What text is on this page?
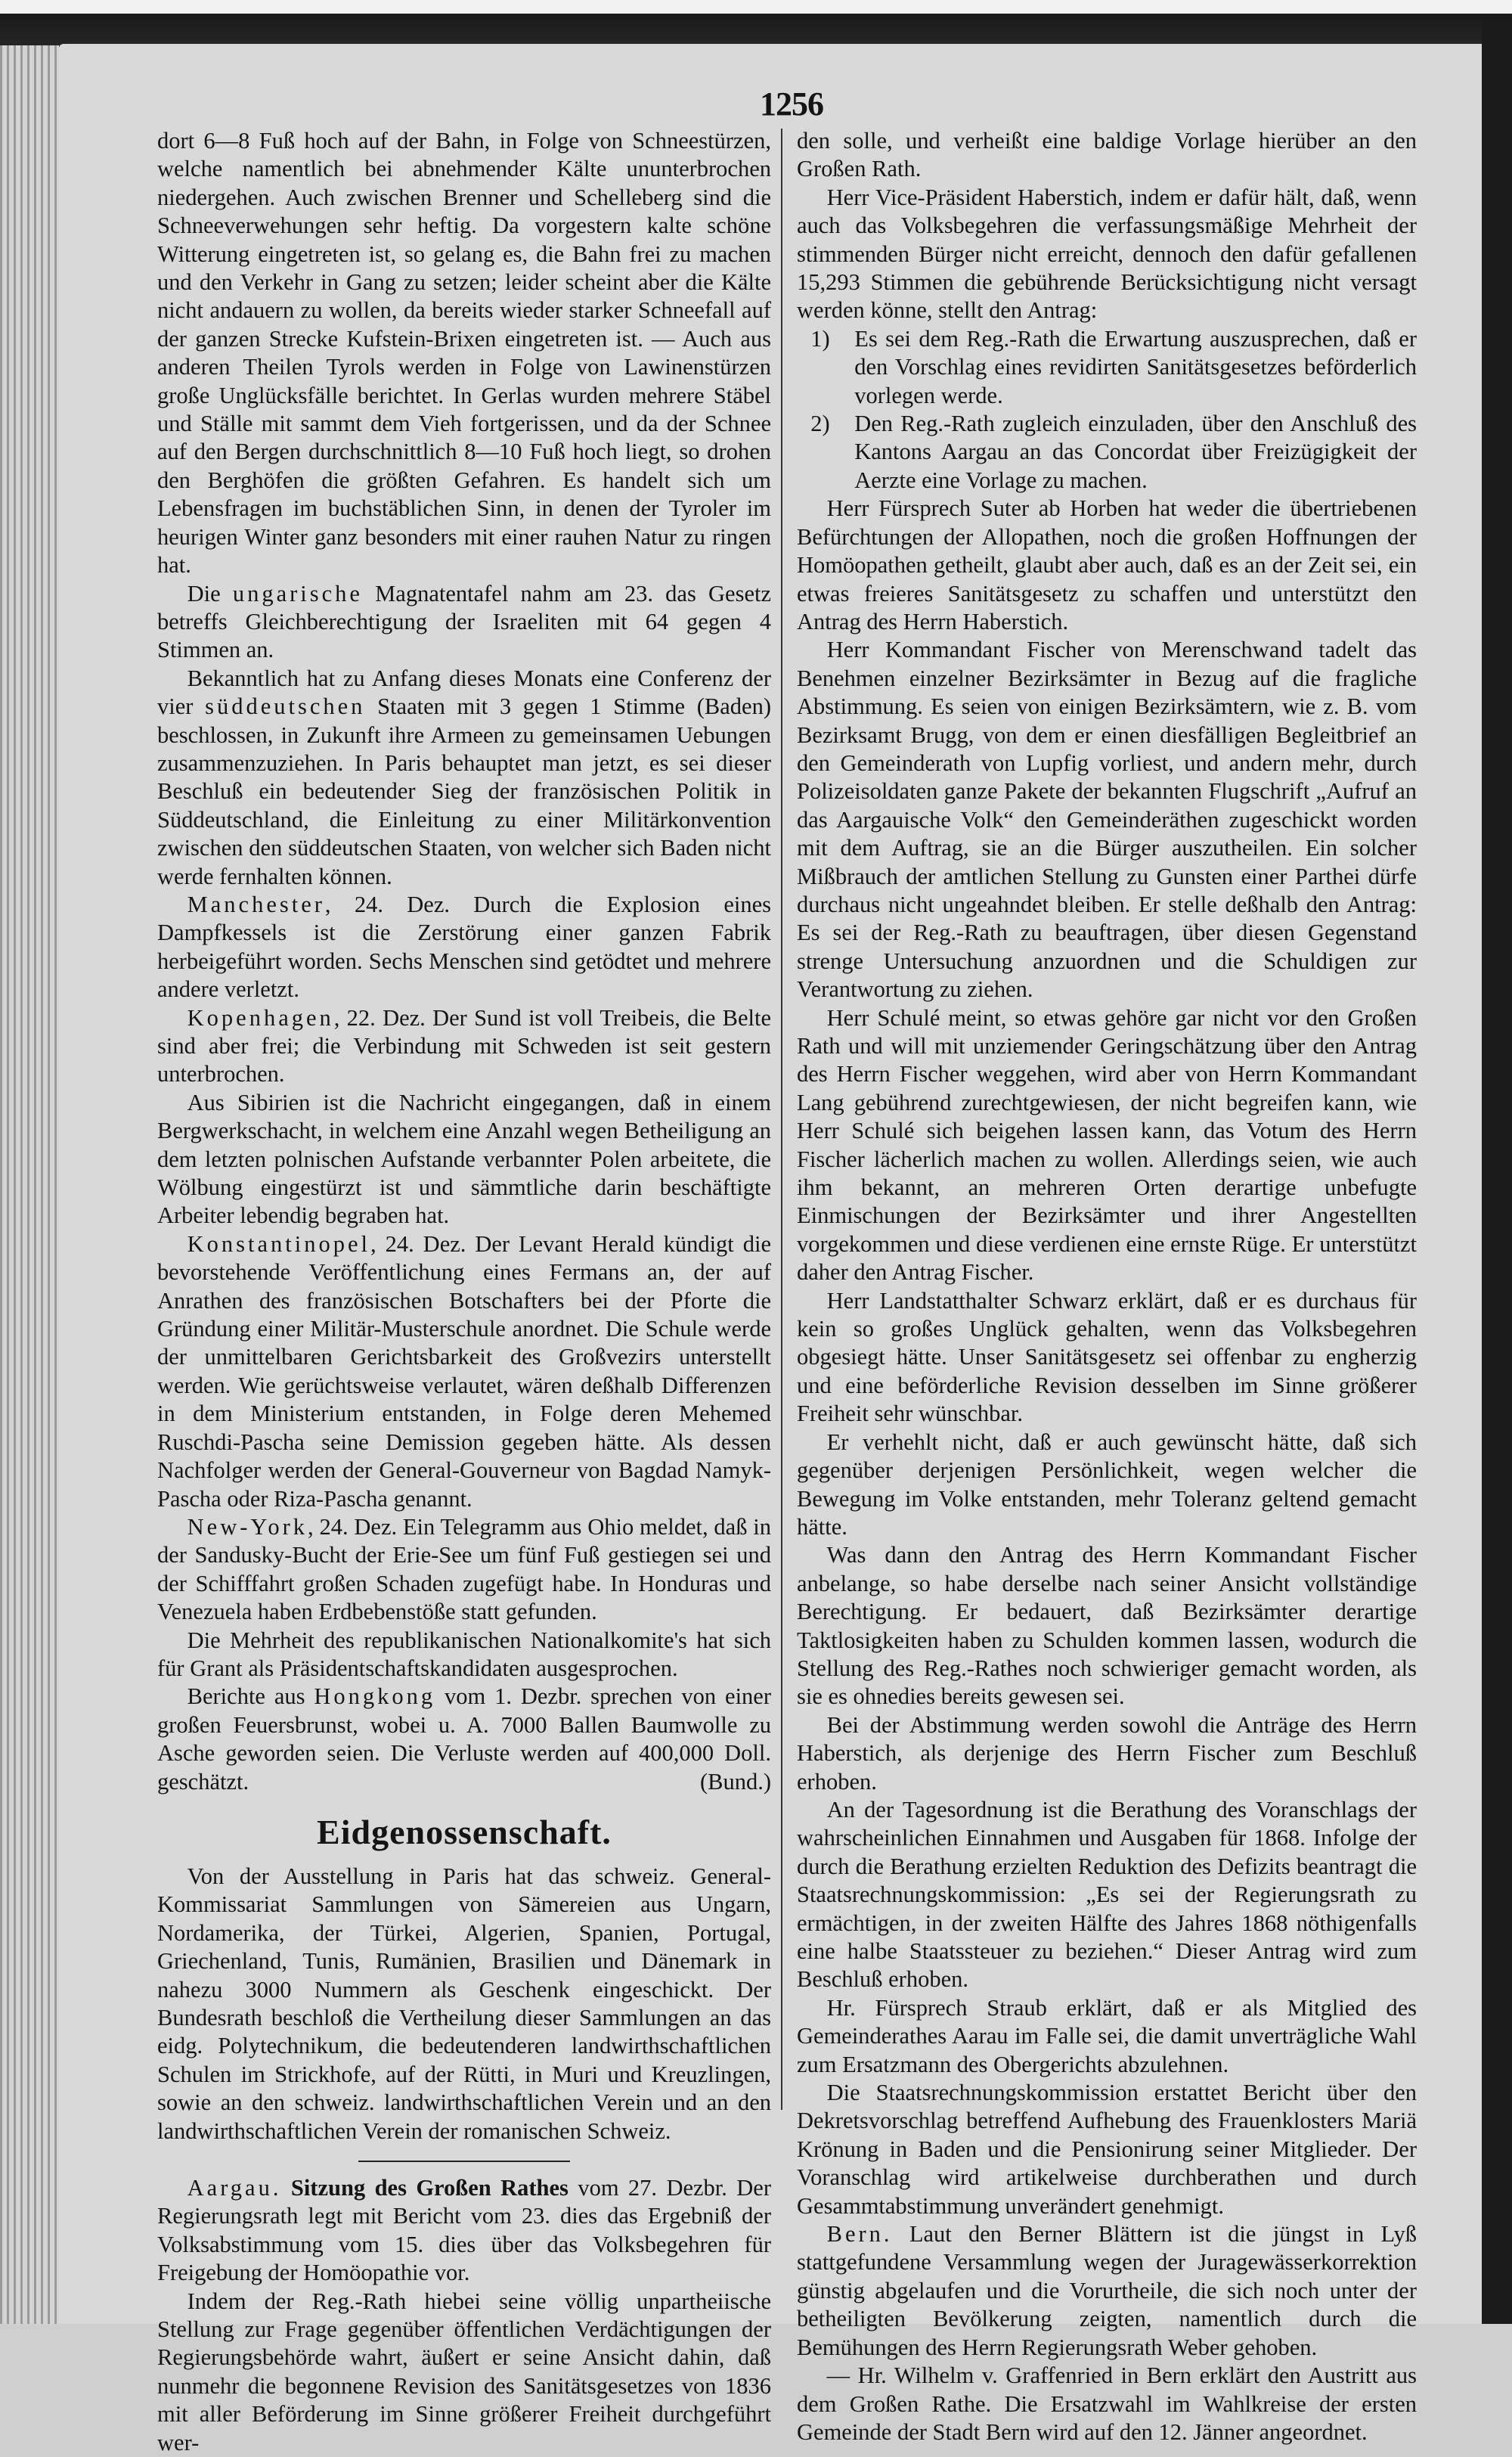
1256

dort 6—8 Fuß hoch auf der Bahn, in Folge von Schneestürzen, welche namentlich bei abnehmender Kälte ununterbrochen niedergehen. Auch zwischen Brenner und Schelleberg sind die Schneeverwehungen sehr heftig. Da vorgestern kalte schöne Witterung eingetreten ist, so gelang es, die Bahn frei zu machen und den Verkehr in Gang zu setzen; leider scheint aber die Kälte nicht andauern zu wollen, da bereits wieder starker Schneefall auf der ganzen Strecke Kufstein-Brixen eingetreten ist. — Auch aus anderen Theilen Tyrols werden in Folge von Lawinenstürzen große Unglücksfälle berichtet. In Gerlas wurden mehrere Stäbel und Ställe mit sammt dem Vieh fortgerissen, und da der Schnee auf den Bergen durchschnittlich 8—10 Fuß hoch liegt, so drohen den Berghöfen die größten Gefahren. Es handelt sich um Lebensfragen im buchstäblichen Sinn, in denen der Tyroler im heurigen Winter ganz besonders mit einer rauhen Natur zu ringen hat.

Die ungarische Magnatentafel nahm am 23. das Gesetz betreffs Gleichberechtigung der Israeliten mit 64 gegen 4 Stimmen an.

Bekanntlich hat zu Anfang dieses Monats eine Conferenz der vier süddeutschen Staaten mit 3 gegen 1 Stimme (Baden) beschlossen, in Zukunft ihre Armeen zu gemeinsamen Uebungen zusammenzuziehen. In Paris behauptet man jetzt, es sei dieser Beschluß ein bedeutender Sieg der französischen Politik in Süddeutschland, die Einleitung zu einer Militärkonvention zwischen den süddeutschen Staaten, von welcher sich Baden nicht werde fernhalten können.

Manchester, 24. Dez. Durch die Explosion eines Dampfkessels ist die Zerstörung einer ganzen Fabrik herbeigeführt worden. Sechs Menschen sind getödtet und mehrere andere verletzt.

Kopenhagen, 22. Dez. Der Sund ist voll Treibeis, die Belte sind aber frei; die Verbindung mit Schweden ist seit gestern unterbrochen.

Aus Sibirien ist die Nachricht eingegangen, daß in einem Bergwerkschacht, in welchem eine Anzahl wegen Betheiligung an dem letzten polnischen Aufstande verbannter Polen arbeitete, die Wölbung eingestürzt ist und sämmtliche darin beschäftigte Arbeiter lebendig begraben hat.

Konstantinopel, 24. Dez. Der Levant Herald kündigt die bevorstehende Veröffentlichung eines Fermans an, der auf Anrathen des französischen Botschafters bei der Pforte die Gründung einer Militär-Musterschule anordnet. Die Schule werde der unmittelbaren Gerichtsbarkeit des Großvezirs unterstellt werden. Wie gerüchtsweise verlautet, wären deßhalb Differenzen in dem Ministerium entstanden, in Folge deren Mehemed Ruschdi-Pascha seine Demission gegeben hätte. Als dessen Nachfolger werden der General-Gouverneur von Bagdad Namyk-Pascha oder Riza-Pascha genannt.

New-York, 24. Dez. Ein Telegramm aus Ohio meldet, daß in der Sandusky-Bucht der Erie-See um fünf Fuß gestiegen sei und der Schifffahrt großen Schaden zugefügt habe. In Honduras und Venezuela haben Erdbebenstöße statt gefunden.

Die Mehrheit des republikanischen Nationalkomite's hat sich für Grant als Präsidentschaftskandidaten ausgesprochen.

Berichte aus Hongkong vom 1. Dezbr. sprechen von einer großen Feuersbrunst, wobei u. A. 7000 Ballen Baumwolle zu Asche geworden seien. Die Verluste werden auf 400,000 Doll. geschätzt.	(Bund.)

Eidgenossenschaft.

Von der Ausstellung in Paris hat das schweiz. General-Kommissariat Sammlungen von Sämereien aus Ungarn, Nordamerika, der Türkei, Algerien, Spanien, Portugal, Griechenland, Tunis, Rumänien, Brasilien und Dänemark in nahezu 3000 Nummern als Geschenk eingeschickt. Der Bundesrath beschloß die Vertheilung dieser Sammlungen an das eidg. Polytechnikum, die bedeutenderen landwirthschaftlichen Schulen im Strickhofe, auf der Rütti, in Muri und Kreuzlingen, sowie an den schweiz. landwirthschaftlichen Verein und an den landwirthschaftlichen Verein der romanischen Schweiz.

Aargau. Sitzung des Großen Rathes vom 27. Dezbr. Der Regierungsrath legt mit Bericht vom 23. dies das Ergebniß der Volksabstimmung vom 15. dies über das Volksbegehren für Freigebung der Homöopathie vor.

Indem der Reg.-Rath hiebei seine völlig unpartheiische Stellung zur Frage gegenüber öffentlichen Verdächtigungen der Regierungsbehörde wahrt, äußert er seine Ansicht dahin, daß nunmehr die begonnene Revision des Sanitätsgesetzes von 1836 mit aller Beförderung im Sinne größerer Freiheit durchgeführt wer-

den solle, und verheißt eine baldige Vorlage hierüber an den Großen Rath.

Herr Vice-Präsident Haberstich, indem er dafür hält, daß, wenn auch das Volksbegehren die verfassungsmäßige Mehrheit der stimmenden Bürger nicht erreicht, dennoch den dafür gefallenen 15,293 Stimmen die gebührende Berücksichtigung nicht versagt werden könne, stellt den Antrag:

1) Es sei dem Reg.-Rath die Erwartung auszusprechen, daß er den Vorschlag eines revidirten Sanitätsgesetzes beförderlich vorlegen werde.

2) Den Reg.-Rath zugleich einzuladen, über den Anschluß des Kantons Aargau an das Concordat über Freizügigkeit der Aerzte eine Vorlage zu machen.

Herr Fürsprech Suter ab Horben hat weder die übertriebenen Befürchtungen der Allopathen, noch die großen Hoffnungen der Homöopathen getheilt, glaubt aber auch, daß es an der Zeit sei, ein etwas freieres Sanitätsgesetz zu schaffen und unterstützt den Antrag des Herrn Haberstich.

Herr Kommandant Fischer von Merenschwand tadelt das Benehmen einzelner Bezirksämter in Bezug auf die fragliche Abstimmung. Es seien von einigen Bezirksämtern, wie z. B. vom Bezirksamt Brugg, von dem er einen diesfälligen Begleitbrief an den Gemeinderath von Lupfig vorliest, und andern mehr, durch Polizeisoldaten ganze Pakete der bekannten Flugschrift „Aufruf an das Aargauische Volk“ den Gemeinderäthen zugeschickt worden mit dem Auftrag, sie an die Bürger auszutheilen. Ein solcher Mißbrauch der amtlichen Stellung zu Gunsten einer Parthei dürfe durchaus nicht ungeahndet bleiben. Er stelle deßhalb den Antrag: Es sei der Reg.-Rath zu beauftragen, über diesen Gegenstand strenge Untersuchung anzuordnen und die Schuldigen zur Verantwortung zu ziehen.

Herr Schulé meint, so etwas gehöre gar nicht vor den Großen Rath und will mit unziemender Geringschätzung über den Antrag des Herrn Fischer weggehen, wird aber von Herrn Kommandant Lang gebührend zurechtgewiesen, der nicht begreifen kann, wie Herr Schulé sich beigehen lassen kann, das Votum des Herrn Fischer lächerlich machen zu wollen. Allerdings seien, wie auch ihm bekannt, an mehreren Orten derartige unbefugte Einmischungen der Bezirksämter und ihrer Angestellten vorgekommen und diese verdienen eine ernste Rüge. Er unterstützt daher den Antrag Fischer.

Herr Landstatthalter Schwarz erklärt, daß er es durchaus für kein so großes Unglück gehalten, wenn das Volksbegehren obgesiegt hätte. Unser Sanitätsgesetz sei offenbar zu engherzig und eine beförderliche Revision desselben im Sinne größerer Freiheit sehr wünschbar.

Er verhehlt nicht, daß er auch gewünscht hätte, daß sich gegenüber derjenigen Persönlichkeit, wegen welcher die Bewegung im Volke entstanden, mehr Toleranz geltend gemacht hätte.

Was dann den Antrag des Herrn Kommandant Fischer anbelange, so habe derselbe nach seiner Ansicht vollständige Berechtigung. Er bedauert, daß Bezirksämter derartige Taktlosigkeiten haben zu Schulden kommen lassen, wodurch die Stellung des Reg.-Rathes noch schwieriger gemacht worden, als sie es ohnedies bereits gewesen sei.

Bei der Abstimmung werden sowohl die Anträge des Herrn Haberstich, als derjenige des Herrn Fischer zum Beschluß erhoben.

An der Tagesordnung ist die Berathung des Voranschlags der wahrscheinlichen Einnahmen und Ausgaben für 1868. Infolge der durch die Berathung erzielten Reduktion des Defizits beantragt die Staatsrechnungskommission: „Es sei der Regierungsrath zu ermächtigen, in der zweiten Hälfte des Jahres 1868 nöthigenfalls eine halbe Staatssteuer zu beziehen.“ Dieser Antrag wird zum Beschluß erhoben.

Hr. Fürsprech Straub erklärt, daß er als Mitglied des Gemeinderathes Aarau im Falle sei, die damit unverträgliche Wahl zum Ersatzmann des Obergerichts abzulehnen.

Die Staatsrechnungskommission erstattet Bericht über den Dekretsvorschlag betreffend Aufhebung des Frauenklosters Mariä Krönung in Baden und die Pensionirung seiner Mitglieder. Der Voranschlag wird artikelweise durchberathen und durch Gesammtabstimmung unverändert genehmigt.

Bern. Laut den Berner Blättern ist die jüngst in Lyß stattgefundene Versammlung wegen der Juragewässerkorrektion günstig abgelaufen und die Vorurtheile, die sich noch unter der betheiligten Bevölkerung zeigten, namentlich durch die Bemühungen des Herrn Regierungsrath Weber gehoben.

— Hr. Wilhelm v. Graffenried in Bern erklärt den Austritt aus dem Großen Rathe. Die Ersatzwahl im Wahlkreise der ersten Gemeinde der Stadt Bern wird auf den 12. Jänner angeordnet.
